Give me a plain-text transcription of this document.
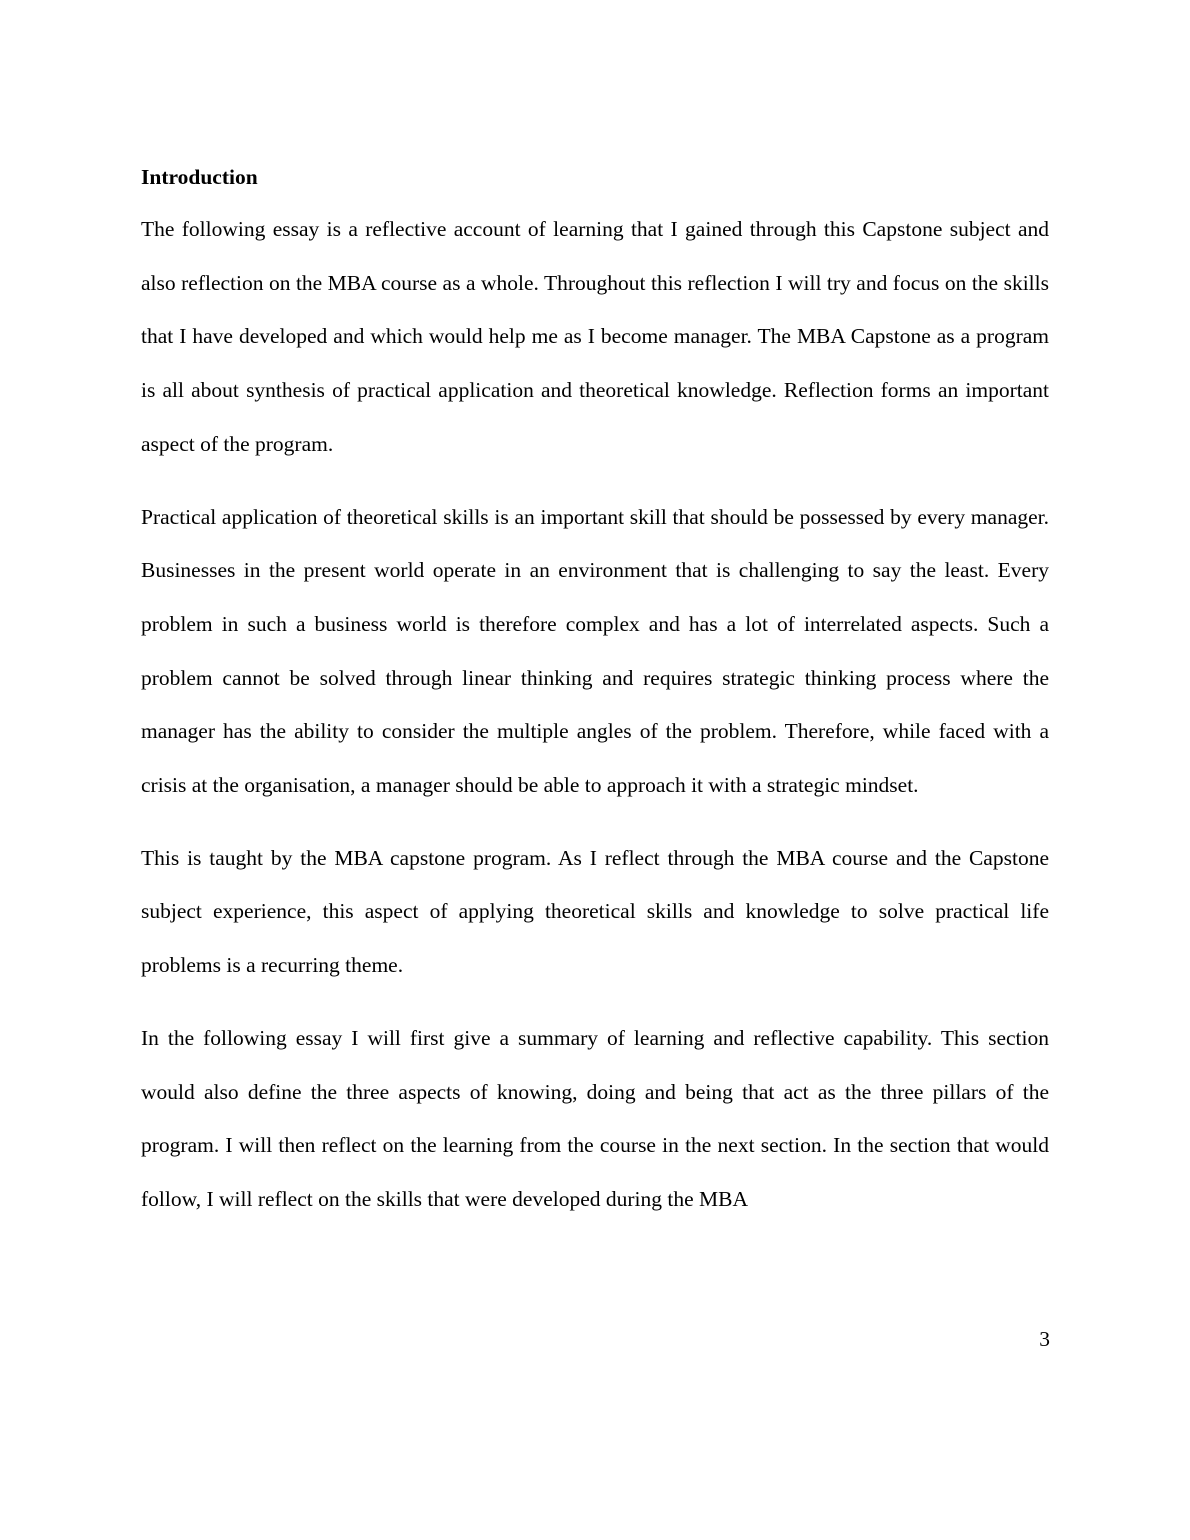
Introduction

The following essay is a reflective account of learning that I gained through this Capstone subject and also reflection on the MBA course as a whole. Throughout this reflection I will try and focus on the skills that I have developed and which would help me as I become manager. The MBA Capstone as a program is all about synthesis of practical application and theoretical knowledge. Reflection forms an important aspect of the program.

Practical application of theoretical skills is an important skill that should be possessed by every manager. Businesses in the present world operate in an environment that is challenging to say the least. Every problem in such a business world is therefore complex and has a lot of interrelated aspects. Such a problem cannot be solved through linear thinking and requires strategic thinking process where the manager has the ability to consider the multiple angles of the problem. Therefore, while faced with a crisis at the organisation, a manager should be able to approach it with a strategic mindset.

This is taught by the MBA capstone program. As I reflect through the MBA course and the Capstone subject experience, this aspect of applying theoretical skills and knowledge to solve practical life problems is a recurring theme.

In the following essay I will first give a summary of learning and reflective capability. This section would also define the three aspects of knowing, doing and being that act as the three pillars of the program. I will then reflect on the learning from the course in the next section. In the section that would follow, I will reflect on the skills that were developed during the MBA

3
